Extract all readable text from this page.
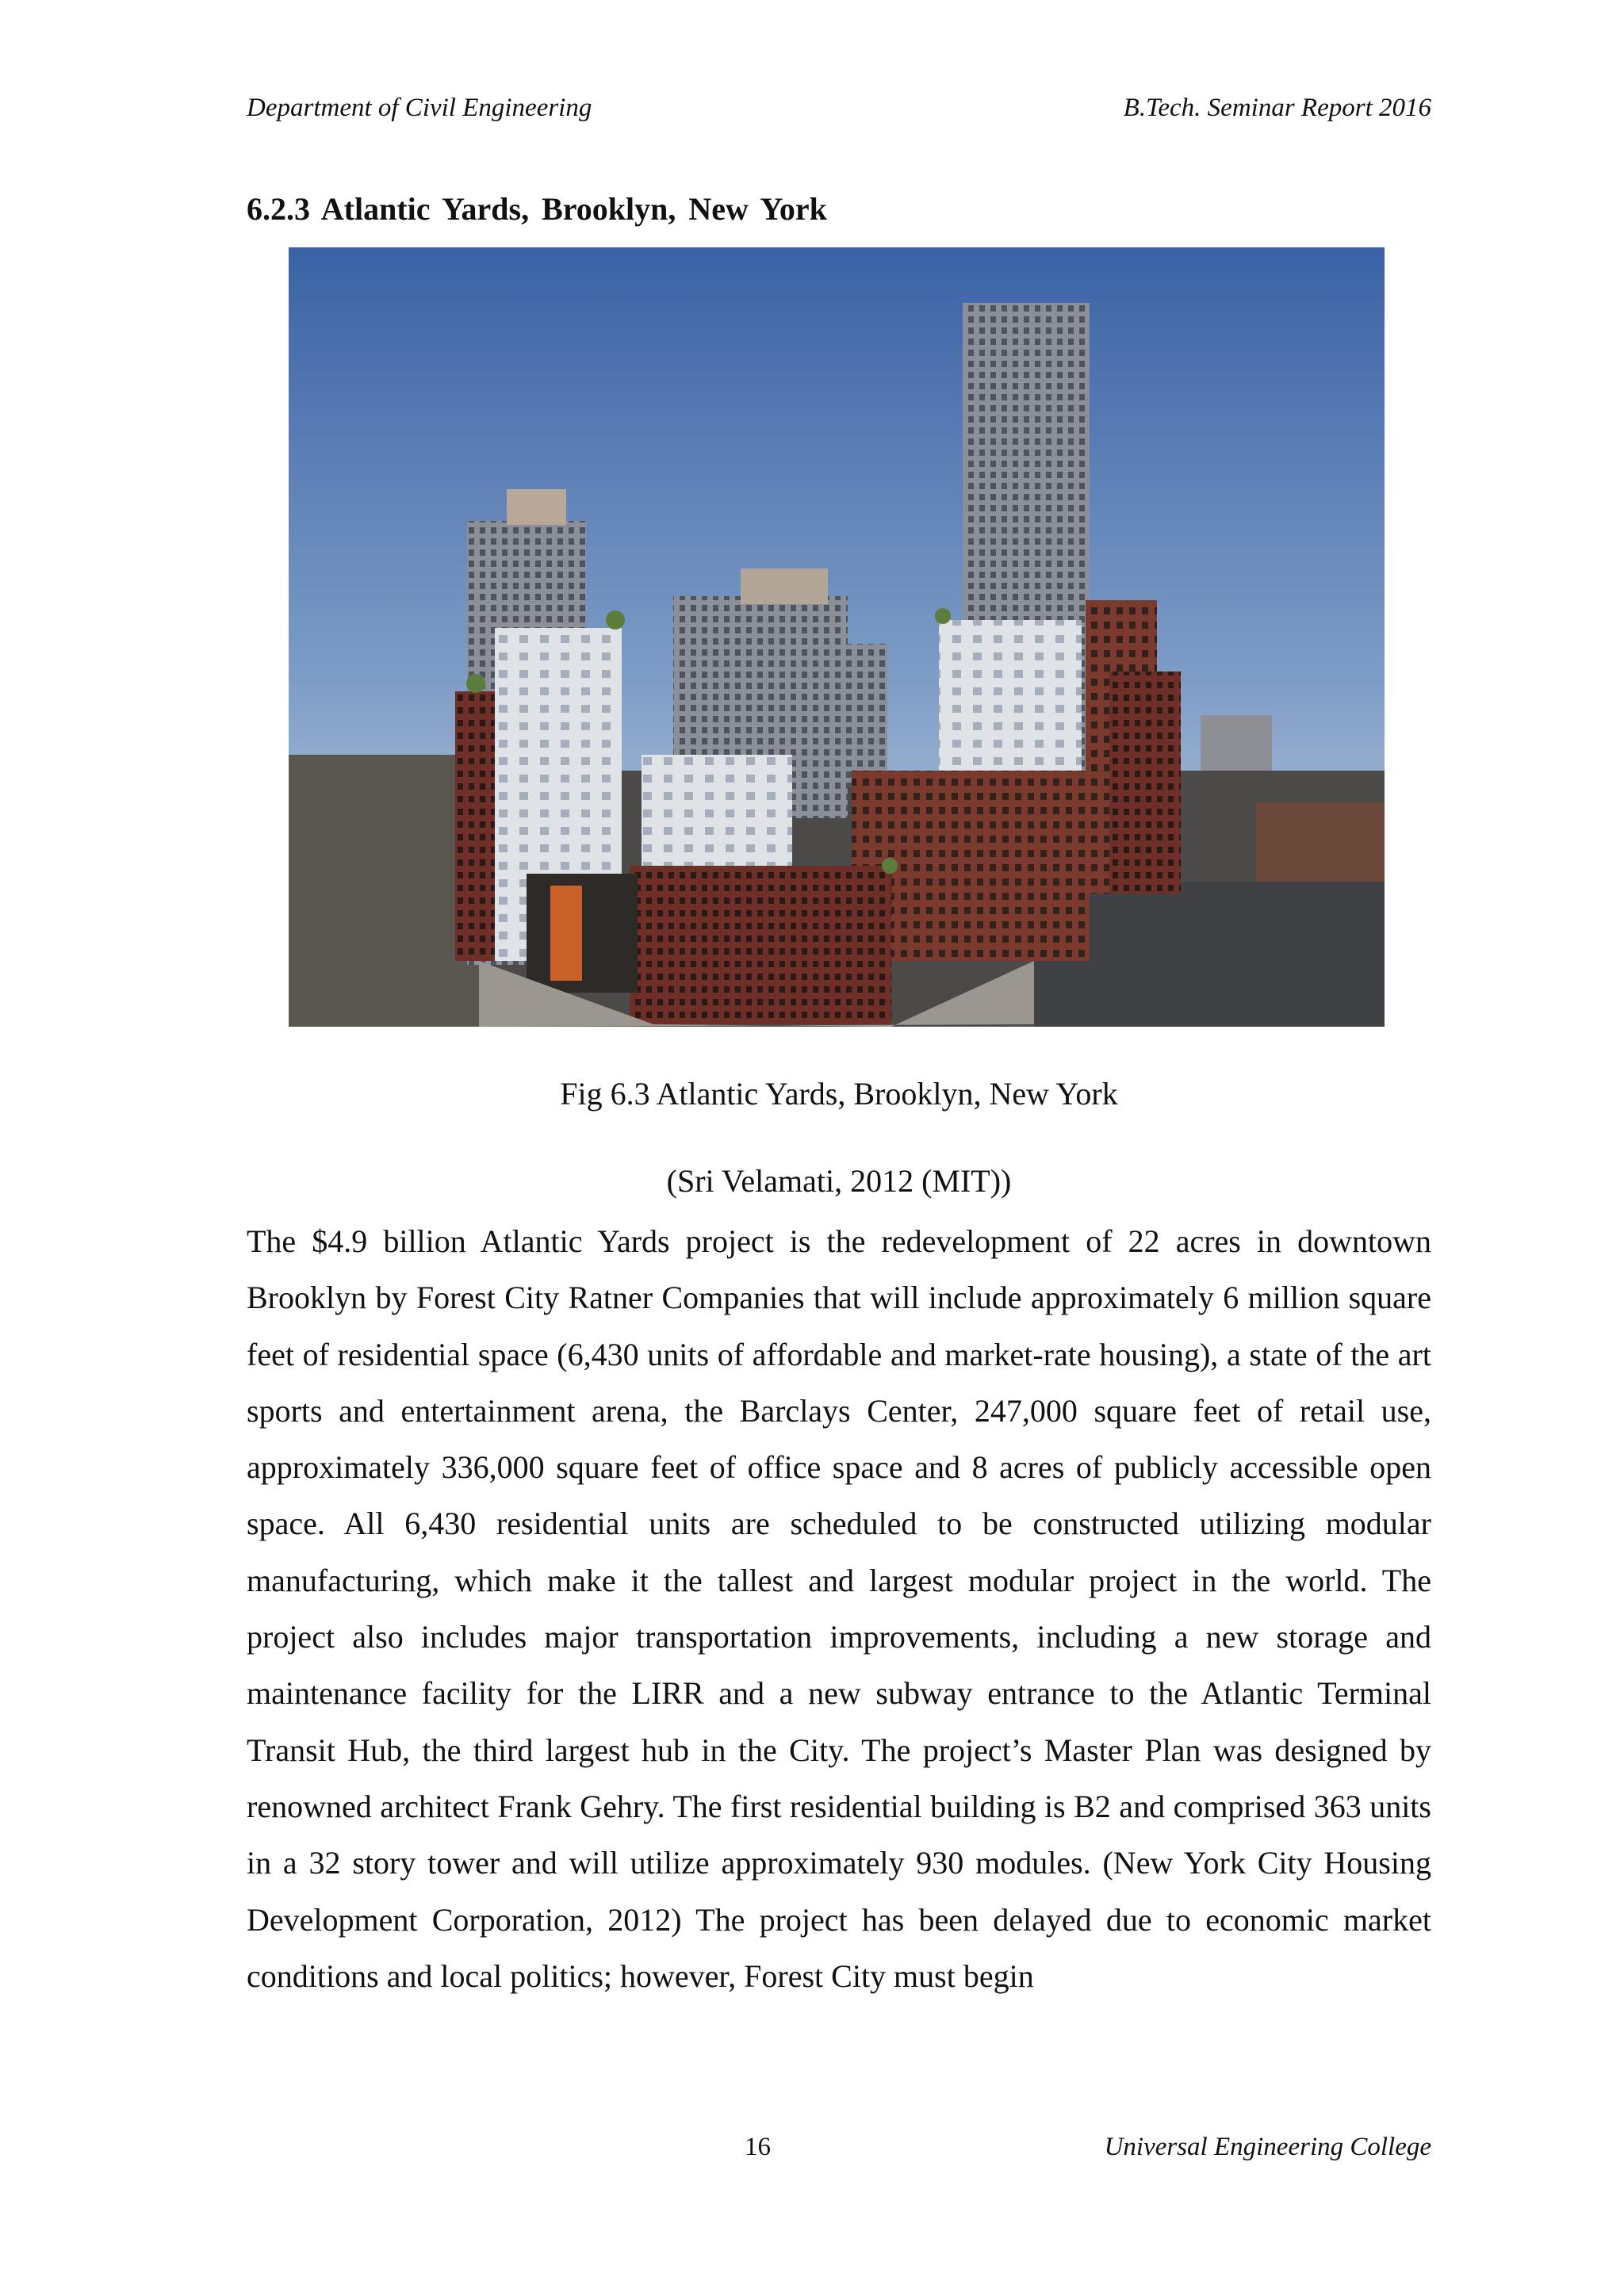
Department of Civil Engineering	B.Tech. Seminar Report 2016
6.2.3 Atlantic Yards, Brooklyn, New York
Fig 6.3 Atlantic Yards, Brooklyn, New York
(Sri Velamati, 2012 (MIT))

The $4.9 billion Atlantic Yards project is the redevelopment of 22 acres in downtown Brooklyn by Forest City Ratner Companies that will include approximately 6 million square feet of residential space (6,430 units of affordable and market-rate housing), a state of the art sports and entertainment arena, the Barclays Center, 247,000 square feet of retail use, approximately 336,000 square feet of office space and 8 acres of publicly accessible open space. All 6,430 residential units are scheduled to be constructed utilizing modular manufacturing, which make it the tallest and largest modular project in the world. The project also includes major transportation improvements, including a new storage and maintenance facility for the LIRR and a new subway entrance to the Atlantic Terminal Transit Hub, the third largest hub in the City. The project’s Master Plan was designed by renowned architect Frank Gehry. The first residential building is B2 and comprised 363 units in a 32 story tower and will utilize approximately 930 modules. (New York City Housing Development Corporation, 2012) The project has been delayed due to economic market conditions and local politics; however, Forest City must begin

16	Universal Engineering College
